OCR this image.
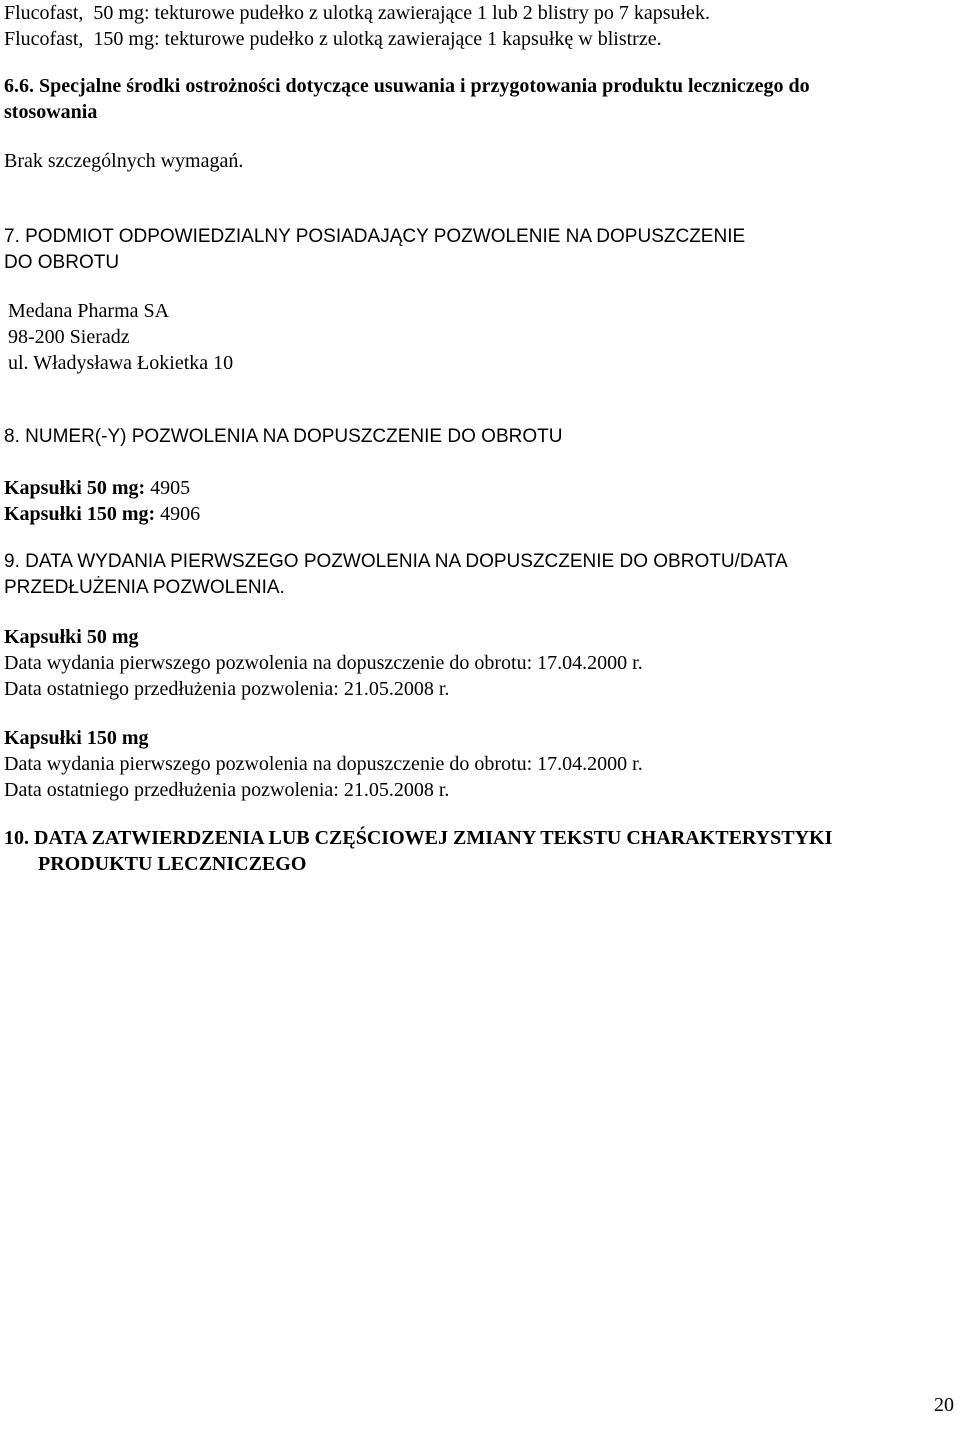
Flucofast,  50 mg: tekturowe pudełko z ulotką zawierające 1 lub 2 blistry po 7 kapsułek.
Flucofast,  150 mg: tekturowe pudełko z ulotką zawierające 1 kapsułkę w blistrze.
6.6. Specjalne środki ostrożności dotyczące usuwania i przygotowania produktu leczniczego do
stosowania
Brak szczególnych wymagań.
7. PODMIOT ODPOWIEDZIALNY POSIADAJĄCY POZWOLENIE NA DOPUSZCZENIE
DO OBROTU
Medana Pharma SA
98-200 Sieradz
ul. Władysława Łokietka 10
8. NUMER(-Y) POZWOLENIA NA DOPUSZCZENIE DO OBROTU
Kapsułki 50 mg: 4905
Kapsułki 150 mg: 4906
9. DATA WYDANIA PIERWSZEGO POZWOLENIA NA DOPUSZCZENIE DO OBROTU/DATA
PRZEDŁUŻENIA POZWOLENIA.
Kapsułki 50 mg
Data wydania pierwszego pozwolenia na dopuszczenie do obrotu: 17.04.2000 r.
Data ostatniego przedłużenia pozwolenia: 21.05.2008 r.
Kapsułki 150 mg
Data wydania pierwszego pozwolenia na dopuszczenie do obrotu: 17.04.2000 r.
Data ostatniego przedłużenia pozwolenia: 21.05.2008 r.
10. DATA ZATWIERDZENIA LUB CZĘŚCIOWEJ ZMIANY TEKSTU CHARAKTERYSTYKI
PRODUKTU LECZNICZEGO
20
